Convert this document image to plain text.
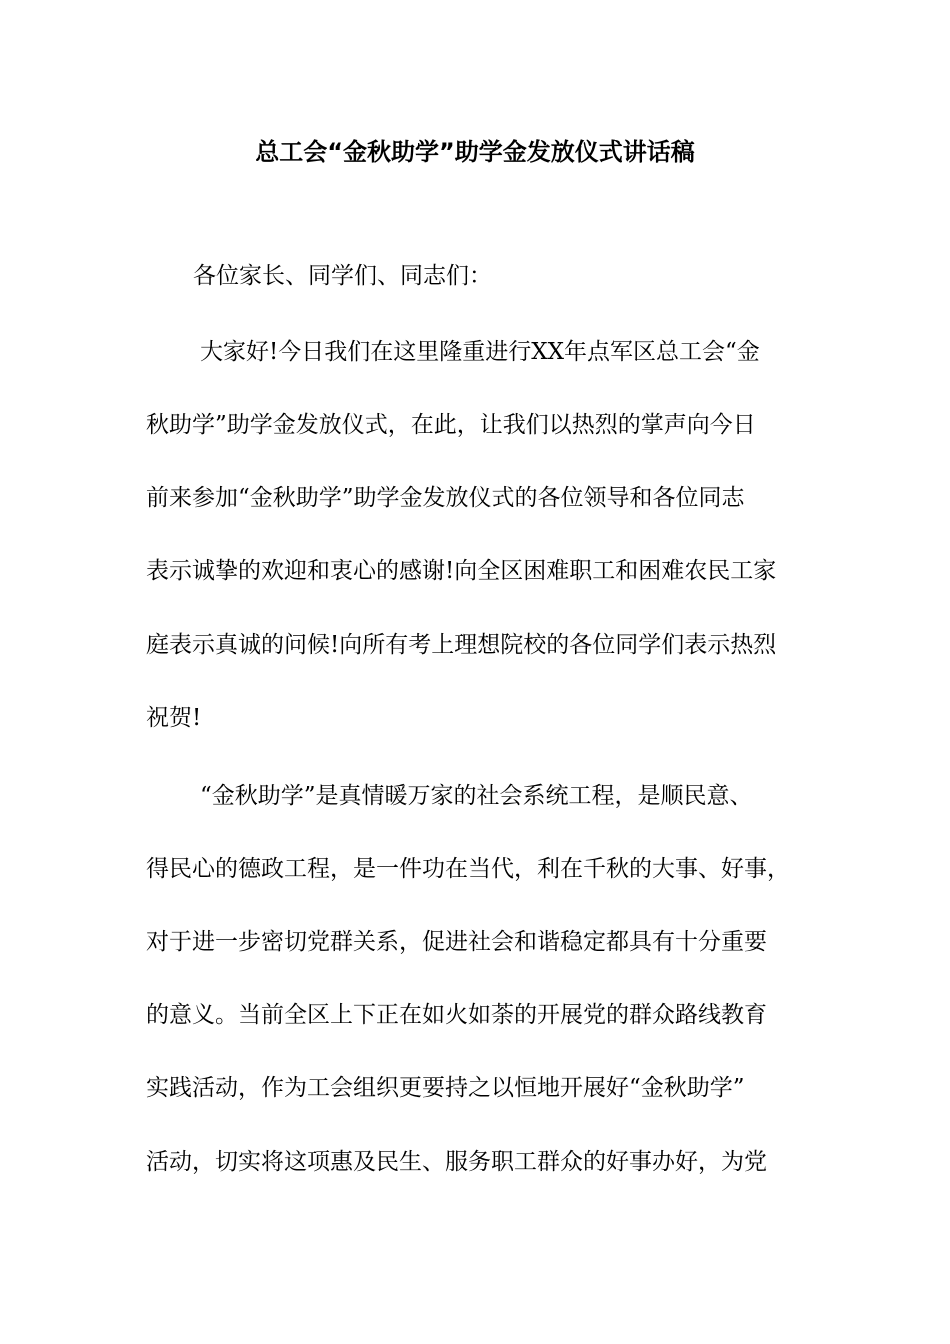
总工会“金秋助学”助学金发放仪式讲话稿

各位家长、同学们、同志们：

大家好!今日我们在这里隆重进行XX年点军区总工会“金

秋助学”助学金发放仪式，在此，让我们以热烈的掌声向今日

前来参加“金秋助学”助学金发放仪式的各位领导和各位同志

表示诚挚的欢迎和衷心的感谢!向全区困难职工和困难农民工家

庭表示真诚的问候!向所有考上理想院校的各位同学们表示热烈

祝贺!

“金秋助学”是真情暖万家的社会系统工程，是顺民意、

得民心的德政工程，是一件功在当代，利在千秋的大事、好事，

对于进一步密切党群关系，促进社会和谐稳定都具有十分重要

的意义。当前全区上下正在如火如荼的开展党的群众路线教育

实践活动，作为工会组织更要持之以恒地开展好“金秋助学”

活动，切实将这项惠及民生、服务职工群众的好事办好，为党
